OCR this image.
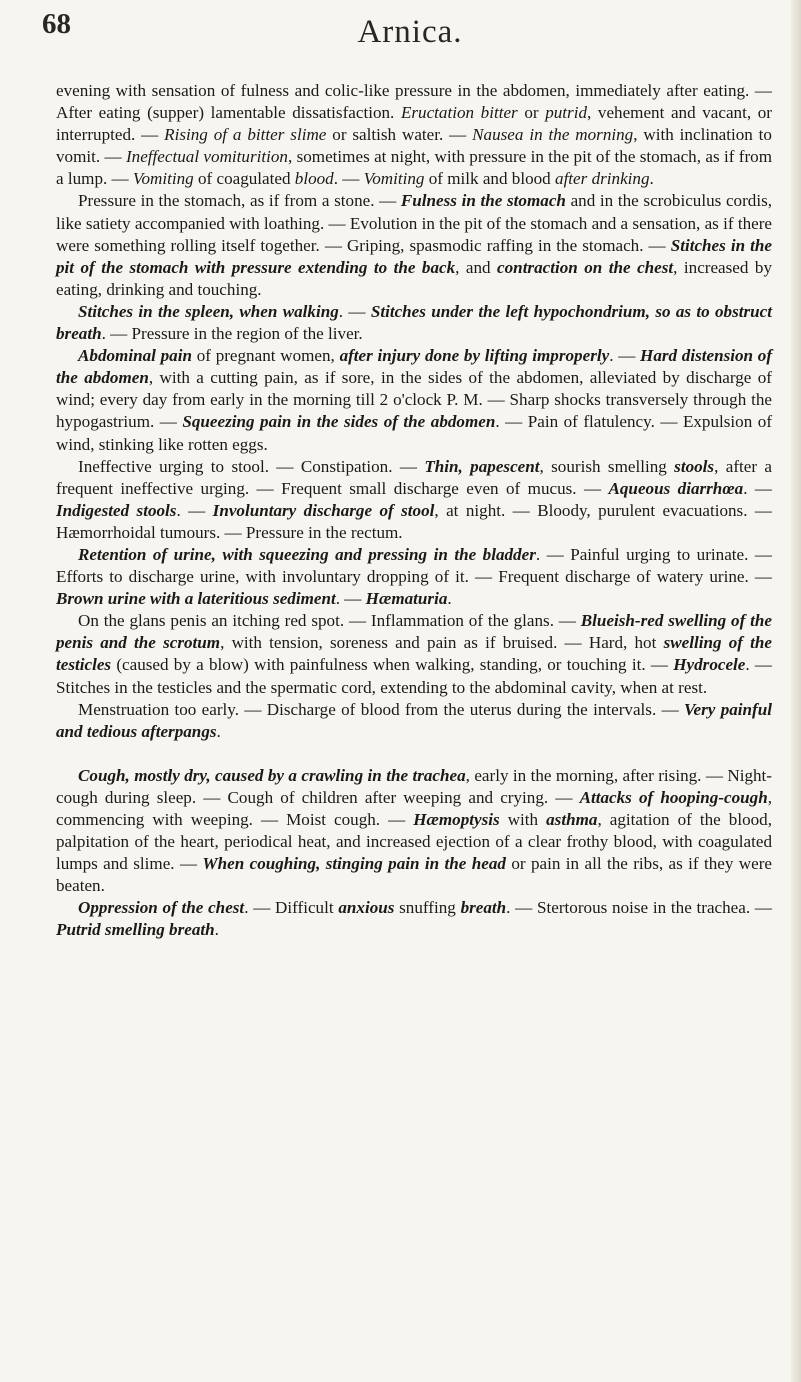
68	Arnica.

evening with sensation of fulness and colic-like pressure in the abdomen, immediately after eating. — After eating (supper) lamentable dissatisfaction. Eructation bitter or putrid, vehement and vacant, or interrupted. — Rising of a bitter slime or saltish water. — Nausea in the morning, with inclination to vomit. — Ineffectual vomiturition, sometimes at night, with pressure in the pit of the stomach, as if from a lump. — Vomiting of coagulated blood. — Vomiting of milk and blood after drinking.

Pressure in the stomach, as if from a stone. — Fulness in the stomach and in the scrobiculus cordis, like satiety accompanied with loathing. — Evolution in the pit of the stomach and a sensation, as if there were something rolling itself together. — Griping, spasmodic raffing in the stomach. — Stitches in the pit of the stomach with pressure extending to the back, and contraction on the chest, increased by eating, drinking and touching.

Stitches in the spleen, when walking. — Stitches under the left hypochondrium, so as to obstruct breath. — Pressure in the region of the liver.

Abdominal pain of pregnant women, after injury done by lifting improperly. — Hard distension of the abdomen, with a cutting pain, as if sore, in the sides of the abdomen, alleviated by discharge of wind; every day from early in the morning till 2 o'clock P. M. — Sharp shocks transversely through the hypogastrium. — Squeezing pain in the sides of the abdomen. — Pain of flatulency. — Expulsion of wind, stinking like rotten eggs.

Ineffective urging to stool. — Constipation. — Thin, papescent, sourish smelling stools, after a frequent ineffective urging. — Frequent small discharge even of mucus. — Aqueous diarrhœa. — Indigested stools. — Involuntary discharge of stool, at night. — Bloody, purulent evacuations. — Hæmorrhoidal tumours. — Pressure in the rectum.

Retention of urine, with squeezing and pressing in the bladder. — Painful urging to urinate. — Efforts to discharge urine, with involuntary dropping of it. — Frequent discharge of watery urine. — Brown urine with a lateritious sediment. — Hæmaturia.

On the glans penis an itching red spot. — Inflammation of the glans. — Blueish-red swelling of the penis and the scrotum, with tension, soreness and pain as if bruised. — Hard, hot swelling of the testicles (caused by a blow) with painfulness when walking, standing, or touching it. — Hydrocele. — Stitches in the testicles and the spermatic cord, extending to the abdominal cavity, when at rest.

Menstruation too early. — Discharge of blood from the uterus during the intervals. — Very painful and tedious afterpangs.

Cough, mostly dry, caused by a crawling in the trachea, early in the morning, after rising. — Night-cough during sleep. — Cough of children after weeping and crying. — Attacks of hooping-cough, commencing with weeping. — Moist cough. — Hæmoptysis with asthma, agitation of the blood, palpitation of the heart, periodical heat, and increased ejection of a clear frothy blood, with coagulated lumps and slime. — When coughing, stinging pain in the head or pain in all the ribs, as if they were beaten.

Oppression of the chest. — Difficult anxious snuffing breath. — Stertorous noise in the trachea. — Putrid smelling breath.
